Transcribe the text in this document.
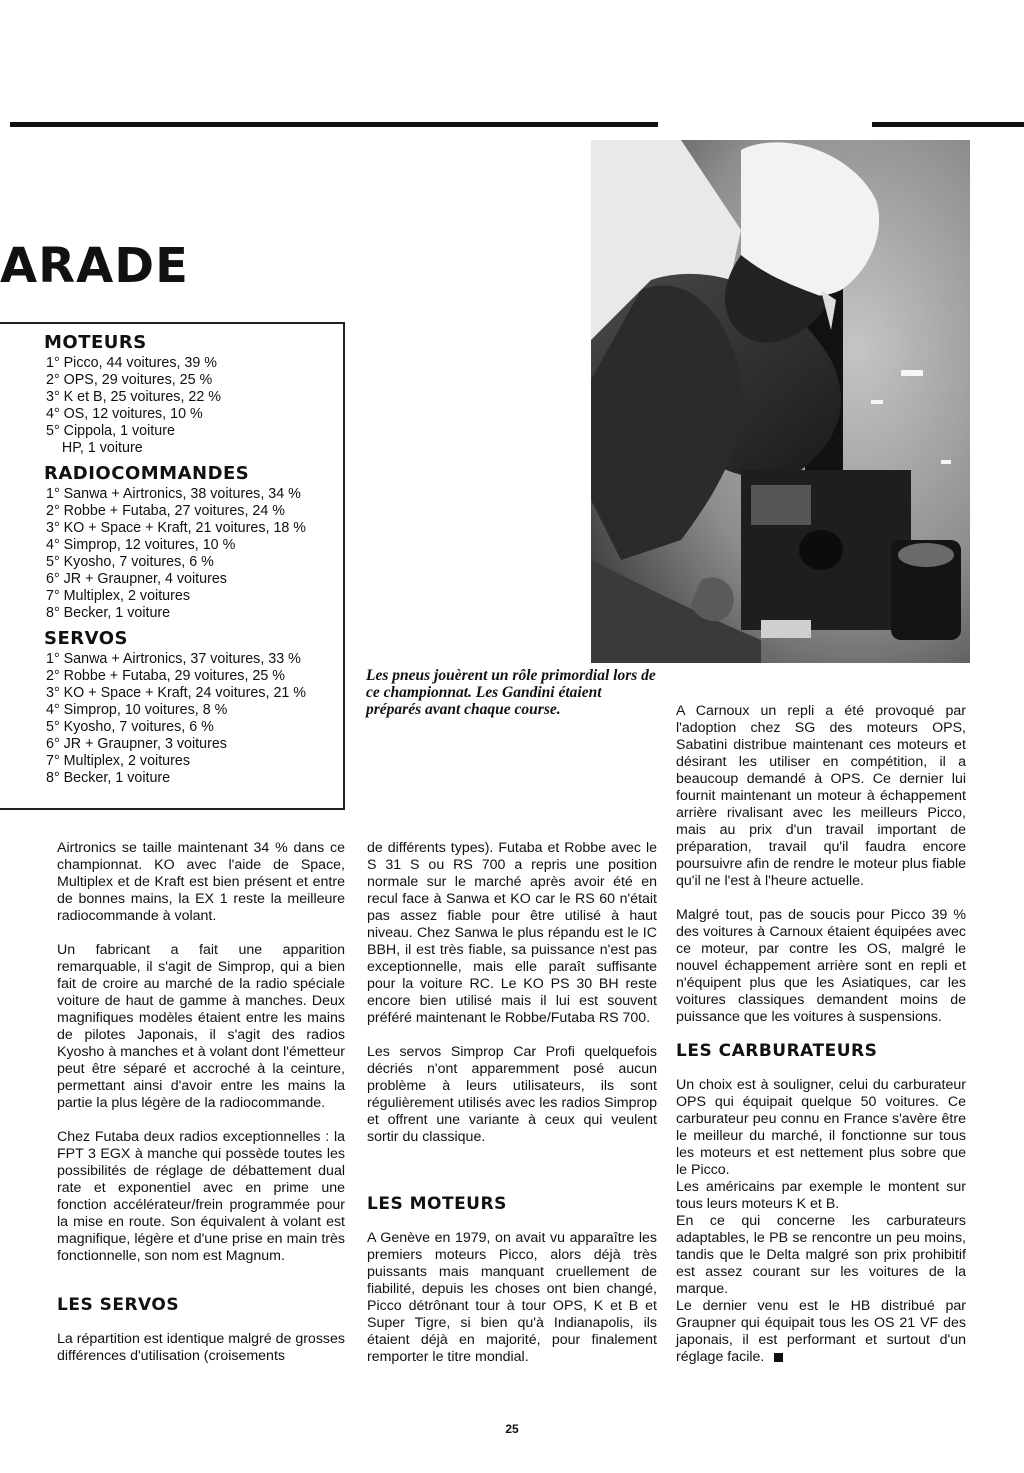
ARADE
MOTEURS
1° Picco, 44 voitures, 39 %
2° OPS, 29 voitures, 25 %
3° K et B, 25 voitures, 22 %
4° OS, 12 voitures, 10 %
5° Cippola, 1 voiture
HP, 1 voiture
RADIOCOMMANDES
1° Sanwa + Airtronics, 38 voitures, 34 %
2° Robbe + Futaba, 27 voitures, 24 %
3° KO + Space + Kraft, 21 voitures, 18 %
4° Simprop, 12 voitures, 10 %
5° Kyosho, 7 voitures, 6 %
6° JR + Graupner, 4 voitures
7° Multiplex, 2 voitures
8° Becker, 1 voiture
SERVOS
1° Sanwa + Airtronics, 37 voitures, 33 %
2° Robbe + Futaba, 29 voitures, 25 %
3° KO + Space + Kraft, 24 voitures, 21 %
4° Simprop, 10 voitures, 8 %
5° Kyosho, 7 voitures, 6 %
6° JR + Graupner, 3 voitures
7° Multiplex, 2 voitures
8° Becker, 1 voiture

Les pneus jouèrent un rôle primordial lors de ce championnat. Les Gandini étaient préparés avant chaque course.

Airtronics se taille maintenant 34 % dans ce championnat. KO avec l'aide de Space, Multiplex et de Kraft est bien présent et entre de bonnes mains, la EX 1 reste la meilleure radiocommande à volant.

Un fabricant a fait une apparition remarquable, il s'agit de Simprop, qui a bien fait de croire au marché de la radio spéciale voiture de haut de gamme à manches. Deux magnifiques modèles étaient entre les mains de pilotes Japonais, il s'agit des radios Kyosho à manches et à volant dont l'émetteur peut être séparé et accroché à la ceinture, permettant ainsi d'avoir entre les mains la partie la plus légère de la radiocommande.

Chez Futaba deux radios exceptionnelles : la FPT 3 EGX à manche qui possède toutes les possibilités de réglage de débattement dual rate et exponentiel avec en prime une fonction accélérateur/frein programmée pour la mise en route. Son équivalent à volant est magnifique, légère et d'une prise en main très fonctionnelle, son nom est Magnum.

LES SERVOS

La répartition est identique malgré de grosses différences d'utilisation (croisements

de différents types). Futaba et Robbe avec le S 31 S ou RS 700 a repris une position normale sur le marché après avoir été en recul face à Sanwa et KO car le RS 60 n'était pas assez fiable pour être utilisé à haut niveau. Chez Sanwa le plus répandu est le IC BBH, il est très fiable, sa puissance n'est pas exceptionnelle, mais elle paraît suffisante pour la voiture RC. Le KO PS 30 BH reste encore bien utilisé mais il lui est souvent préféré maintenant le Robbe/Futaba RS 700.

Les servos Simprop Car Profi quelquefois décriés n'ont apparemment posé aucun problème à leurs utilisateurs, ils sont régulièrement utilisés avec les radios Simprop et offrent une variante à ceux qui veulent sortir du classique.

LES MOTEURS

A Genève en 1979, on avait vu apparaître les premiers moteurs Picco, alors déjà très puissants mais manquant cruellement de fiabilité, depuis les choses ont bien changé, Picco détrônant tour à tour OPS, K et B et Super Tigre, si bien qu'à Indianapolis, ils étaient déjà en majorité, pour finalement remporter le titre mondial.

A Carnoux un repli a été provoqué par l'adoption chez SG des moteurs OPS, Sabatini distribue maintenant ces moteurs et désirant les utiliser en compétition, il a beaucoup demandé à OPS. Ce dernier lui fournit maintenant un moteur à échappement arrière rivalisant avec les meilleurs Picco, mais au prix d'un travail important de préparation, travail qu'il faudra encore poursuivre afin de rendre le moteur plus fiable qu'il ne l'est à l'heure actuelle.

Malgré tout, pas de soucis pour Picco 39 % des voitures à Carnoux étaient équipées avec ce moteur, par contre les OS, malgré le nouvel échappement arrière sont en repli et n'équipent plus que les Asiatiques, car les voitures classiques demandent moins de puissance que les voitures à suspensions.

LES CARBURATEURS

Un choix est à souligner, celui du carburateur OPS qui équipait quelque 50 voitures. Ce carburateur peu connu en France s'avère être le meilleur du marché, il fonctionne sur tous les moteurs et est nettement plus sobre que le Picco.

Les américains par exemple le montent sur tous leurs moteurs K et B.

En ce qui concerne les carburateurs adaptables, le PB se rencontre un peu moins, tandis que le Delta malgré son prix prohibitif est assez courant sur les voitures de la marque.

Le dernier venu est le HB distribué par Graupner qui équipait tous les OS 21 VF des japonais, il est performant et surtout d'un réglage facile.

25
